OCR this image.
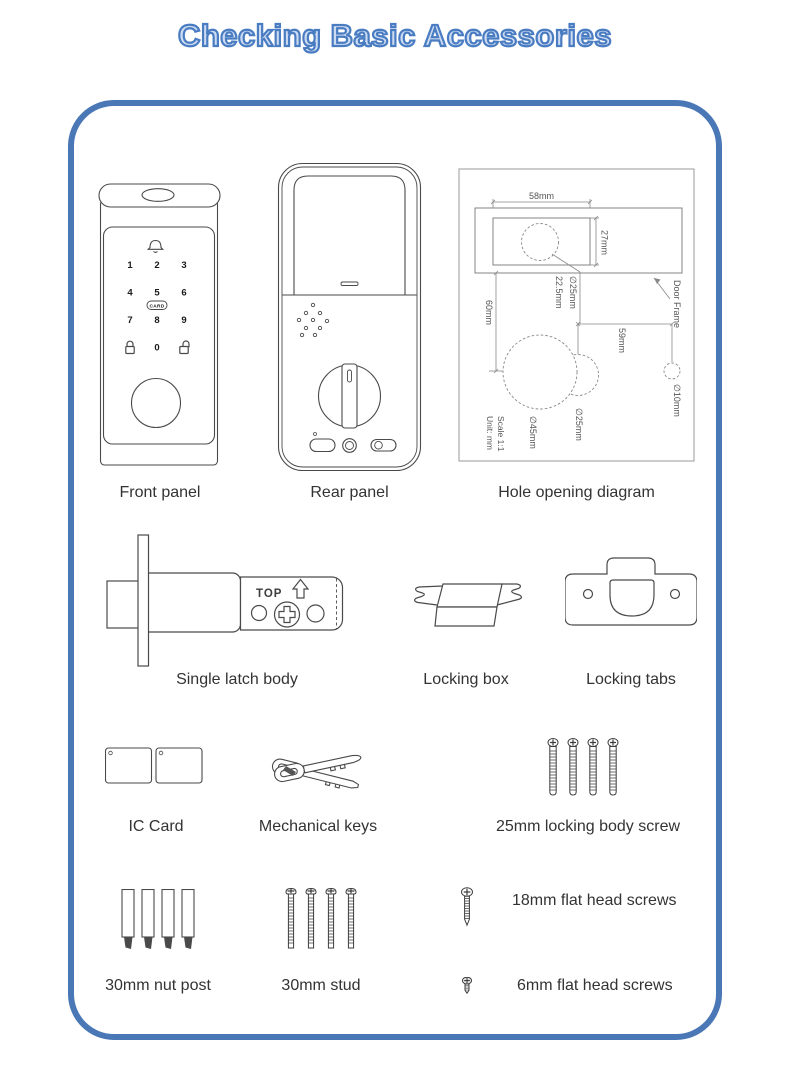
Checking Basic Accessories
1 2 3
4 5 6
7 8 9
0
CARD
58mm
27mm
∅25mm
22.5mm
60mm
59mm
∅45mm	∅25mm
∅10mm
Door Frame
Scale 1:1
Unit: mm
Front panel	Rear panel	Hole opening diagram
TOP
Single latch body	Locking box	Locking tabs
IC Card	Mechanical keys	25mm locking body screw
18mm flat head screws
6mm flat head screws
30mm nut post	30mm stud
